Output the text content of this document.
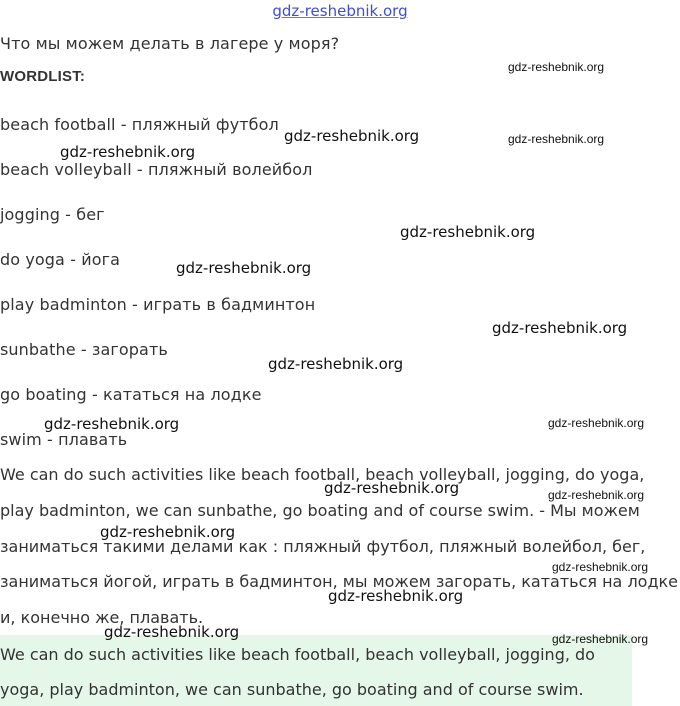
gdz-reshebnik.org
Что мы можем делать в лагере у моря?
WORDLIST:
beach football - пляжный футбол
beach volleyball - пляжный волейбол
jogging - бег
do yoga - йога
play badminton - играть в бадминтон
sunbathe - загорать
go boating - кататься на лодке
swim - плавать
We can do such activities like beach football, beach volleyball, jogging, do yoga,
play badminton, we can sunbathe, go boating and of course swim. - Мы можем
заниматься такими делами как : пляжный футбол, пляжный волейбол, бег,
заниматься йогой, играть в бадминтон, мы можем загорать, кататься на лодке
и, конечно же, плавать.
We can do such activities like beach football, beach volleyball, jogging, do
yoga, play badminton, we can sunbathe, go boating and of course swim.
gdz-reshebnik.org
gdz-reshebnik.org	gdz-reshebnik.org
gdz-reshebnik.org
gdz-reshebnik.org
gdz-reshebnik.org
gdz-reshebnik.org
gdz-reshebnik.org
gdz-reshebnik.org	gdz-reshebnik.org
gdz-reshebnik.org	gdz-reshebnik.org
gdz-reshebnik.org
gdz-reshebnik.org
gdz-reshebnik.org
gdz-reshebnik.org	gdz-reshebnik.org
